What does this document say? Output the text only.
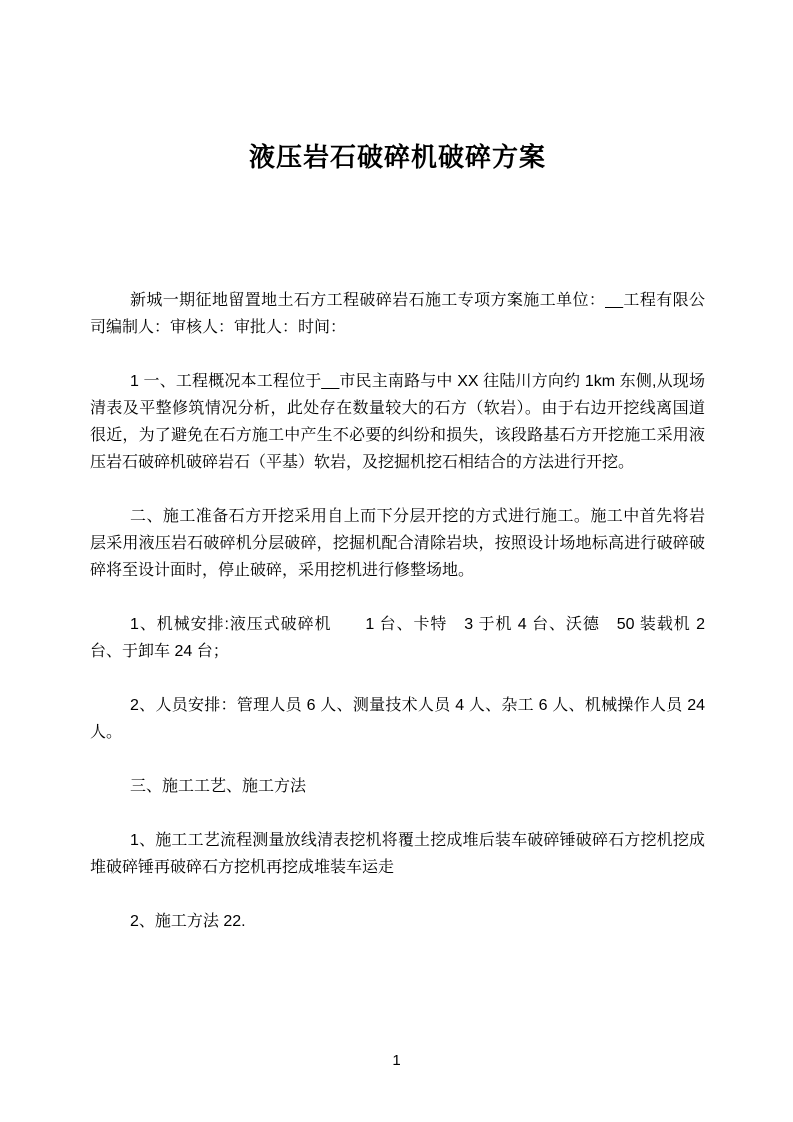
液压岩石破碎机破碎方案

新城一期征地留置地土石方工程破碎岩石施工专项方案施工单位：__工程有限公司编制人：审核人：审批人：时间：

1 一、工程概况本工程位于__市民主南路与中 XX 往陆川方向约 1km 东侧,从现场清表及平整修筑情况分析，此处存在数量较大的石方（软岩）。由于右边开挖线离国道很近，为了避免在石方施工中产生不必要的纠纷和损失，该段路基石方开挖施工采用液压岩石破碎机破碎岩石（平基）软岩，及挖掘机挖石相结合的方法进行开挖。

二、施工准备石方开挖采用自上而下分层开挖的方式进行施工。施工中首先将岩层采用液压岩石破碎机分层破碎，挖掘机配合清除岩块，按照设计场地标高进行破碎破碎将至设计面时，停止破碎，采用挖机进行修整场地。

1、机械安排:液压式破碎机　　1 台、卡特　3 于机 4 台、沃德　50 装载机 2 台、于卸车 24 台；

2、人员安排：管理人员 6 人、测量技术人员 4 人、杂工 6 人、机械操作人员 24 人。

三、施工工艺、施工方法

1、施工工艺流程测量放线清表挖机将覆土挖成堆后装车破碎锤破碎石方挖机挖成堆破碎锤再破碎石方挖机再挖成堆装车运走

2、施工方法 22.

1
